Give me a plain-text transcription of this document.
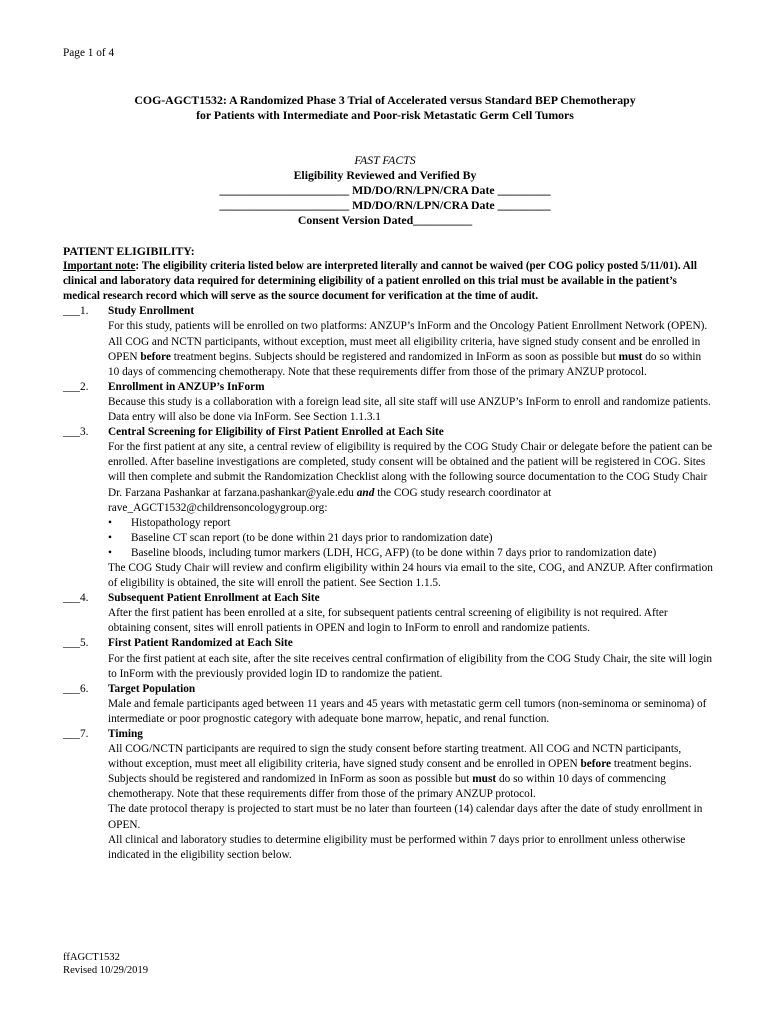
Page 1 of 4
COG-AGCT1532: A Randomized Phase 3 Trial of Accelerated versus Standard BEP Chemotherapy
for Patients with Intermediate and Poor-risk Metastatic Germ Cell Tumors
FAST FACTS
Eligibility Reviewed and Verified By
______________________ MD/DO/RN/LPN/CRA Date _________
______________________ MD/DO/RN/LPN/CRA Date _________
Consent Version Dated__________
PATIENT ELIGIBILITY:
Important note: The eligibility criteria listed below are interpreted literally and cannot be waived (per COG policy posted 5/11/01). All clinical and laboratory data required for determining eligibility of a patient enrolled on this trial must be available in the patient’s medical research record which will serve as the source document for verification at the time of audit.
___1. Study Enrollment
For this study, patients will be enrolled on two platforms: ANZUP’s InForm and the Oncology Patient Enrollment Network (OPEN). All COG and NCTN participants, without exception, must meet all eligibility criteria, have signed study consent and be enrolled in OPEN before treatment begins. Subjects should be registered and randomized in InForm as soon as possible but must do so within 10 days of commencing chemotherapy. Note that these requirements differ from those of the primary ANZUP protocol.
___2. Enrollment in ANZUP’s InForm
Because this study is a collaboration with a foreign lead site, all site staff will use ANZUP’s InForm to enroll and randomize patients. Data entry will also be done via InForm. See Section 1.1.3.1
___3. Central Screening for Eligibility of First Patient Enrolled at Each Site
For the first patient at any site, a central review of eligibility is required by the COG Study Chair or delegate before the patient can be enrolled. After baseline investigations are completed, study consent will be obtained and the patient will be registered in COG. Sites will then complete and submit the Randomization Checklist along with the following source documentation to the COG Study Chair Dr. Farzana Pashankar at farzana.pashankar@yale.edu and the COG study research coordinator at rave_AGCT1532@childrensoncologygroup.org:
• Histopathology report
• Baseline CT scan report (to be done within 21 days prior to randomization date)
• Baseline bloods, including tumor markers (LDH, HCG, AFP) (to be done within 7 days prior to randomization date)
The COG Study Chair will review and confirm eligibility within 24 hours via email to the site, COG, and ANZUP. After confirmation of eligibility is obtained, the site will enroll the patient. See Section 1.1.5.
___4. Subsequent Patient Enrollment at Each Site
After the first patient has been enrolled at a site, for subsequent patients central screening of eligibility is not required. After obtaining consent, sites will enroll patients in OPEN and login to InForm to enroll and randomize patients.
___5. First Patient Randomized at Each Site
For the first patient at each site, after the site receives central confirmation of eligibility from the COG Study Chair, the site will login to InForm with the previously provided login ID to randomize the patient.
___6. Target Population
Male and female participants aged between 11 years and 45 years with metastatic germ cell tumors (non-seminoma or seminoma) of intermediate or poor prognostic category with adequate bone marrow, hepatic, and renal function.
___7. Timing
All COG/NCTN participants are required to sign the study consent before starting treatment. All COG and NCTN participants, without exception, must meet all eligibility criteria, have signed study consent and be enrolled in OPEN before treatment begins. Subjects should be registered and randomized in InForm as soon as possible but must do so within 10 days of commencing chemotherapy. Note that these requirements differ from those of the primary ANZUP protocol.
The date protocol therapy is projected to start must be no later than fourteen (14) calendar days after the date of study enrollment in OPEN.
All clinical and laboratory studies to determine eligibility must be performed within 7 days prior to enrollment unless otherwise indicated in the eligibility section below.
ffAGCT1532
Revised 10/29/2019
